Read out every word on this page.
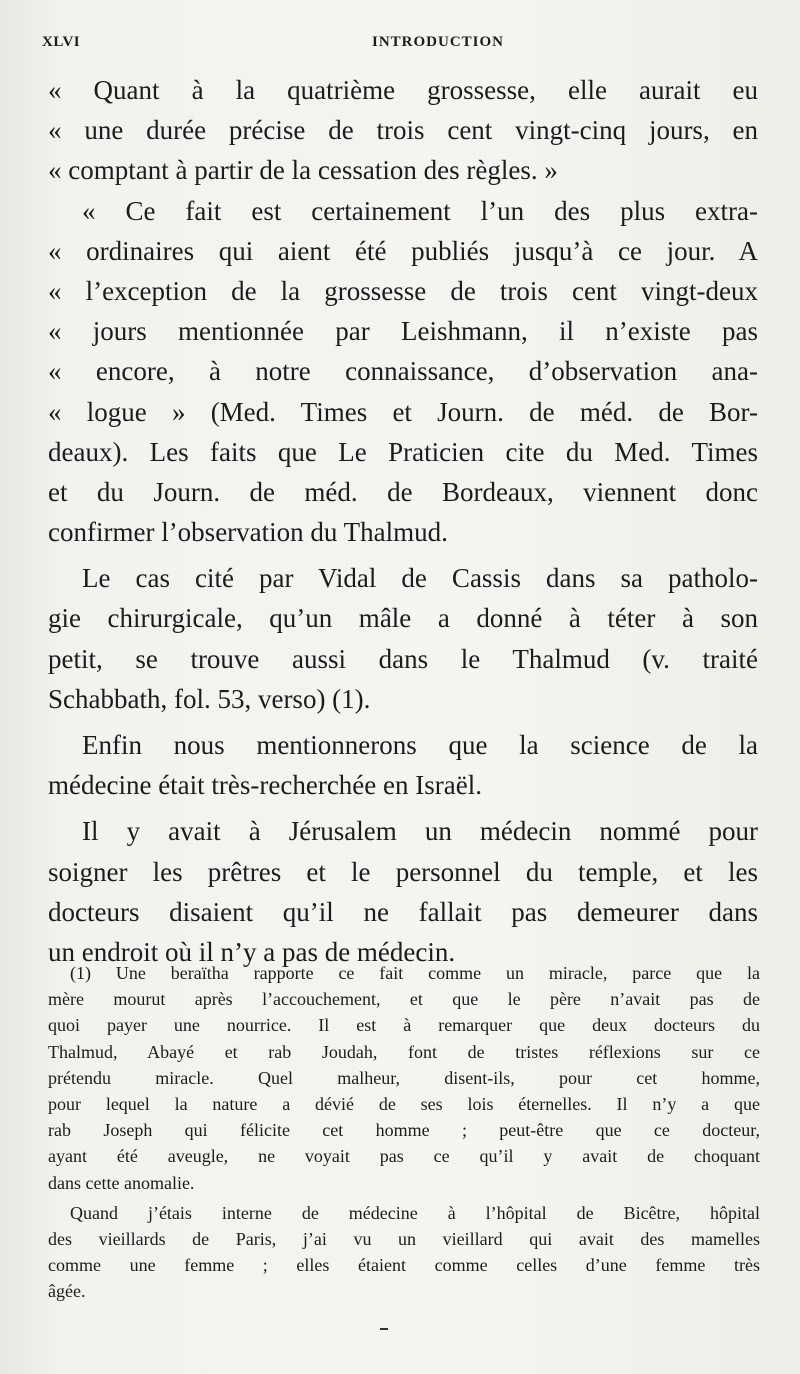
XLVI	INTRODUCTION
« Quant à la quatrième grossesse, elle aurait eu
« une durée précise de trois cent vingt-cinq jours, en
« comptant à partir de la cessation des règles. »
« Ce fait est certainement l’un des plus extra-
« ordinaires qui aient été publiés jusqu’à ce jour. A
« l’exception de la grossesse de trois cent vingt-deux
« jours mentionnée par Leishmann, il n’existe pas
« encore, à notre connaissance, d’observation ana-
« logue » (Med. Times et Journ. de méd. de Bor-
deaux). Les faits que Le Praticien cite du Med. Times
et du Journ. de méd. de Bordeaux, viennent donc
confirmer l’observation du Thalmud.
Le cas cité par Vidal de Cassis dans sa patholo-
gie chirurgicale, qu’un mâle a donné à téter à son
petit, se trouve aussi dans le Thalmud (v. traité
Schabbath, fol. 53, verso) (1).
Enfin nous mentionnerons que la science de la
médecine était très-recherchée en Israël.
Il y avait à Jérusalem un médecin nommé pour
soigner les prêtres et le personnel du temple, et les
docteurs disaient qu’il ne fallait pas demeurer dans
un endroit où il n’y a pas de médecin.
(1) Une beraïtha rapporte ce fait comme un miracle, parce que la
mère mourut après l’accouchement, et que le père n’avait pas de
quoi payer une nourrice. Il est à remarquer que deux docteurs du
Thalmud, Abayé et rab Joudah, font de tristes réflexions sur ce
prétendu miracle. Quel malheur, disent-ils, pour cet homme,
pour lequel la nature a dévié de ses lois éternelles. Il n’y a que
rab Joseph qui félicite cet homme ; peut-être que ce docteur,
ayant été aveugle, ne voyait pas ce qu’il y avait de choquant
dans cette anomalie.
Quand j’étais interne de médecine à l’hôpital de Bicêtre, hôpital
des vieillards de Paris, j’ai vu un vieillard qui avait des mamelles
comme une femme ; elles étaient comme celles d’une femme très
âgée.
